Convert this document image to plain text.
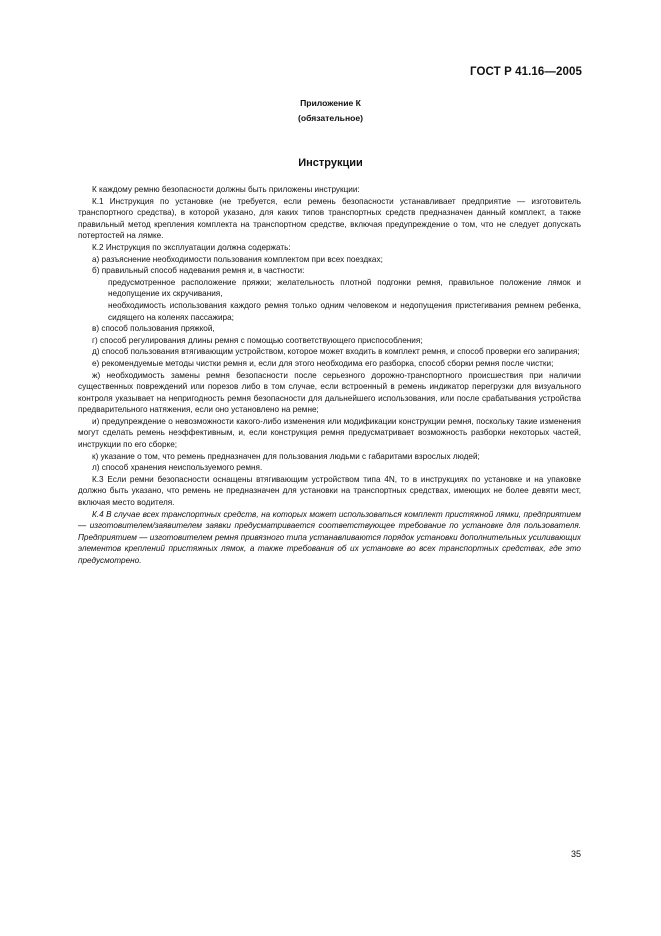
ГОСТ Р 41.16—2005
Приложение К
(обязательное)
Инструкции

К каждому ремню безопасности должны быть приложены инструкции:

К.1 Инструкция по установке (не требуется, если ремень безопасности устанавливает предприятие — изготовитель транспортного средства), в которой указано, для каких типов транспортных средств предназначен данный комплект, а также правильный метод крепления комплекта на транспортном средстве, включая предупреждение о том, что не следует допускать потертостей на лямке.

К.2 Инструкция по эксплуатации должна содержать:

а) разъяснение необходимости пользования комплектом при всех поездках;

б) правильный способ надевания ремня и, в частности:

предусмотренное расположение пряжки; желательность плотной подгонки ремня, правильное положение лямок и недопущение их скручивания,

необходимость использования каждого ремня только одним человеком и недопущения пристегивания ремнем ребенка, сидящего на коленях пассажира;

в) способ пользования пряжкой,

г) способ регулирования длины ремня с помощью соответствующего приспособления;

д) способ пользования втягивающим устройством, которое может входить в комплект ремня, и способ проверки его запирания;

е) рекомендуемые методы чистки ремня и, если для этого необходима его разборка, способ сборки ремня после чистки;

ж) необходимость замены ремня безопасности после серьезного дорожно-транспортного происшествия при наличии существенных повреждений или порезов либо в том случае, если встроенный в ремень индикатор перегрузки для визуального контроля указывает на непригодность ремня безопасности для дальнейшего использования, или после срабатывания устройства предварительного натяжения, если оно установлено на ремне;

и) предупреждение о невозможности какого-либо изменения или модификации конструкции ремня, поскольку такие изменения могут сделать ремень неэффективным, и, если конструкция ремня предусматривает возможность разборки некоторых частей, инструкции по его сборке;

к) указание о том, что ремень предназначен для пользования людьми с габаритами взрослых людей;

л) способ хранения неиспользуемого ремня.

К.3 Если ремни безопасности оснащены втягивающим устройством типа 4N, то в инструкциях по установке и на упаковке должно быть указано, что ремень не предназначен для установки на транспортных средствах, имеющих не более девяти мест, включая место водителя.

К.4 В случае всех транспортных средств, на которых может использоваться комплект пристяжной лямки, предприятием — изготовителем/заявителем заявки предусматривается соответствующее требование по установке для пользователя. Предприятием — изготовителем ремня привязного типа устанавливаются порядок установки дополнительных усиливающих элементов креплений пристяжных лямок, а также требования об их установке во всех транспортных средствах, где это предусмотрено.

35
